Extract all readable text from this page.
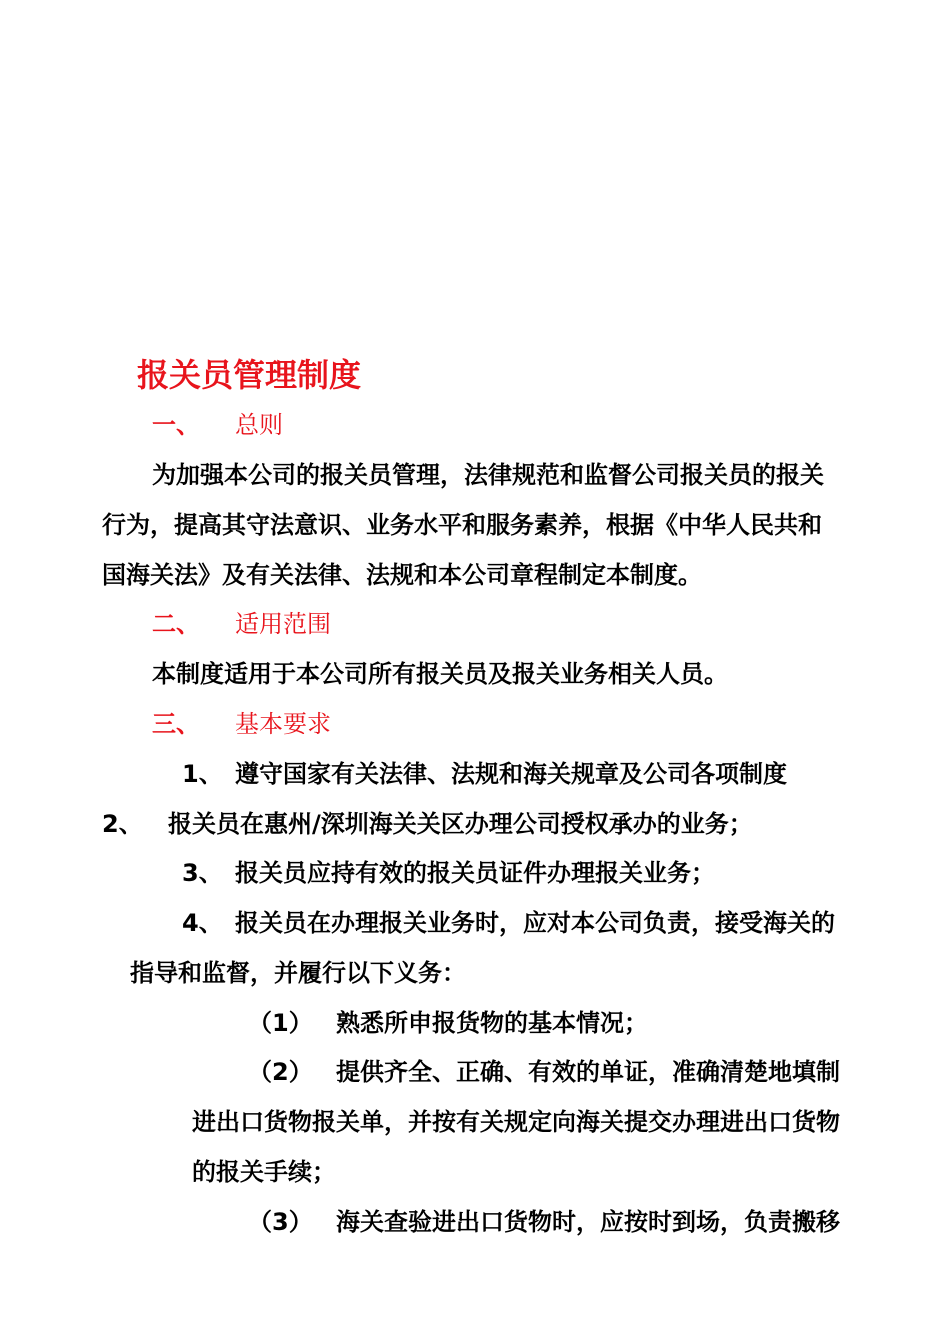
报关员管理制度
一、 总则
为加强本公司的报关员管理，法律规范和监督公司报关员的报关
行为，提高其守法意识、业务水平和服务素养，根据《中华人民共和
国海关法》及有关法律、法规和本公司章程制定本制度。
二、 适用范围
本制度适用于本公司所有报关员及报关业务相关人员。
三、 基本要求
1、 遵守国家有关法律、法规和海关规章及公司各项制度
2、 报关员在惠州/深圳海关关区办理公司授权承办的业务；
3、 报关员应持有效的报关员证件办理报关业务；
4、 报关员在办理报关业务时，应对本公司负责，接受海关的
指导和监督，并履行以下义务：
（1） 熟悉所申报货物的基本情况；
（2） 提供齐全、正确、有效的单证，准确清楚地填制
进出口货物报关单，并按有关规定向海关提交办理进出口货物
的报关手续；
（3） 海关查验进出口货物时，应按时到场，负责搬移
